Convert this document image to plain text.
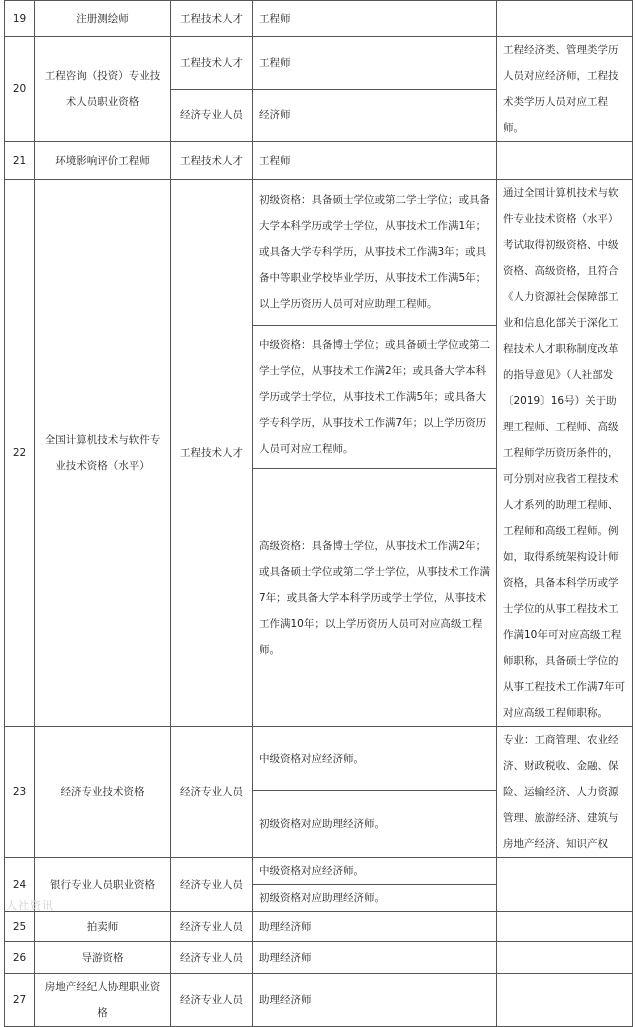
19	注册测绘师	工程技术人才	工程师	
20	工程咨询（投资）专业技术人员职业资格	工程技术人才	工程师	工程经济类、管理类学历人员对应经济师，工程技术类学历人员对应工程师。
		经济专业人员	经济师	
21	环境影响评价工程师	工程技术人才	工程师	
22	全国计算机技术与软件专业技术资格（水平）	工程技术人才	初级资格：具备硕士学位或第二学士学位；或具备大学本科学历或学士学位，从事技术工作满1年；或具备大学专科学历，从事技术工作满3年；或具备中等职业学校毕业学历，从事技术工作满5年；以上学历资历人员可对应助理工程师。	通过全国计算机技术与软件专业技术资格（水平）考试取得初级资格、中级资格、高级资格，且符合《人力资源社会保障部工业和信息化部关于深化工程技术人才职称制度改革的指导意见》（人社部发〔2019〕16号）关于助理工程师、工程师、高级工程师学历资历条件的，可分别对应我省工程技术人才系列的助理工程师、工程师和高级工程师。例如，取得系统架构设计师资格，具备本科学历或学士学位的从事工程技术工作满10年可对应高级工程师职称，具备硕士学位的从事工程技术工作满7年可对应高级工程师职称。
			中级资格：具备博士学位；或具备硕士学位或第二学士学位，从事技术工作满2年；或具备大学本科学历或学士学位，从事技术工作满5年；或具备大学专科学历，从事技术工作满7年；以上学历资历人员可对应工程师。	
			高级资格：具备博士学位，从事技术工作满2年；或具备硕士学位或第二学士学位，从事技术工作满7年；或具备大学本科学历或学士学位，从事技术工作满10年；以上学历资历人员可对应高级工程师。	
23	经济专业技术资格	经济专业人员	中级资格对应经济师。	专业：工商管理、农业经济、财政税收、金融、保险、运输经济、人力资源管理、旅游经济、建筑与房地产经济、知识产权
			初级资格对应助理经济师。	
24	银行专业人员职业资格	经济专业人员	中级资格对应经济师。	
			初级资格对应助理经济师。	
25	拍卖师	经济专业人员	助理经济师	
26	导游资格	经济专业人员	助理经济师	
27	房地产经纪人协理职业资格	经济专业人员	助理经济师	
人社资讯
